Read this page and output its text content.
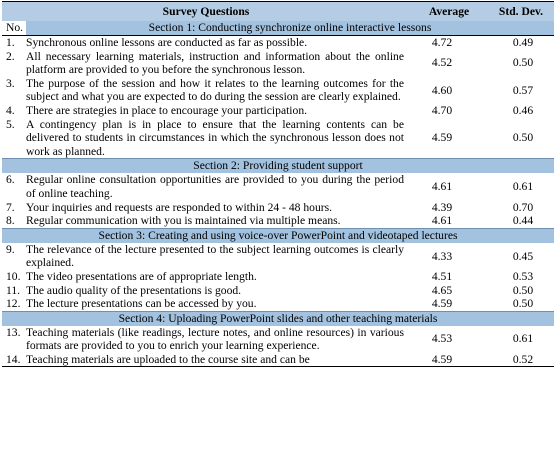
Survey Questions		Average	Std. Dev.
No.	Section 1: Conducting synchronize online interactive lessons		
1.	Synchronous online lessons are conducted as far as possible.	4.72	0.49
2.	All necessary learning materials, instruction and information about the online platform are provided to you before the synchronous lesson.	4.52	0.50
3.	The purpose of the session and how it relates to the learning outcomes for the subject and what you are expected to do during the session are clearly explained.	4.60	0.57
4.	There are strategies in place to encourage your participation.	4.70	0.46
5.	A contingency plan is in place to ensure that the learning contents can be delivered to students in circumstances in which the synchronous lesson does not work as planned.	4.59	0.50
Section 2: Providing student support			
6.	Regular online consultation opportunities are provided to you during the period of online teaching.	4.61	0.61
7.	Your inquiries and requests are responded to within 24 - 48 hours.	4.39	0.70
8.	Regular communication with you is maintained via multiple means.	4.61	0.44
Section 3: Creating and using voice-over PowerPoint and videotaped lectures			
9.	The relevance of the lecture presented to the subject learning outcomes is clearly explained.	4.33	0.45
10.	The video presentations are of appropriate length.	4.51	0.53
11.	The audio quality of the presentations is good.	4.65	0.50
12.	The lecture presentations can be accessed by you.	4.59	0.50
Section 4: Uploading PowerPoint slides and other teaching materials			
13.	Teaching materials (like readings, lecture notes, and online resources) in various formats are provided to you to enrich your learning experience.	4.53	0.61
14.	Teaching materials are uploaded to the course site and can be	4.59	0.52
